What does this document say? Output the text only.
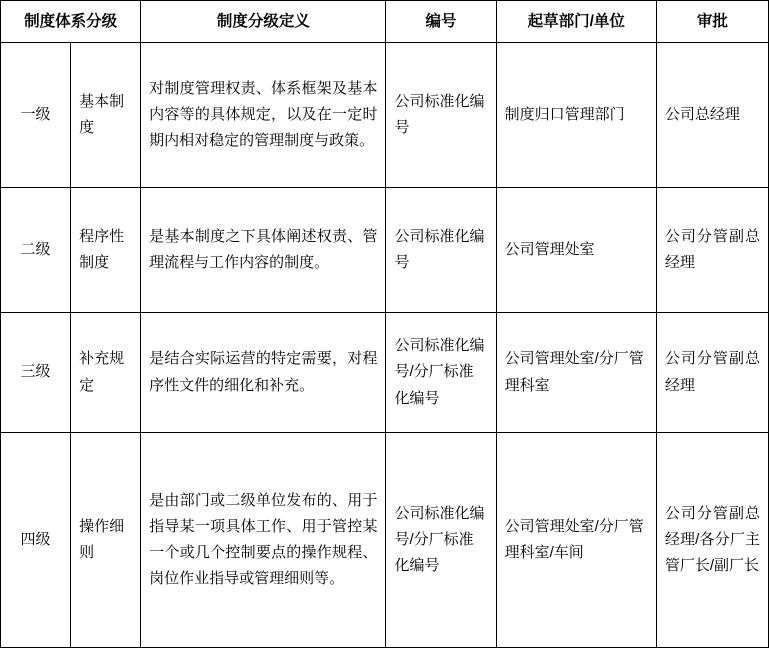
制度体系分级		制度分级定义	编号	起草部门/单位	审批
一级	基本制度	对制度管理权责、体系框架及基本内容等的具体规定，以及在一定时期内相对稳定的管理制度与政策。	公司标准化编号	制度归口管理部门	公司总经理
二级	程序性制度	是基本制度之下具体阐述权责、管理流程与工作内容的制度。	公司标准化编号	公司管理处室	公司分管副总经理
三级	补充规定	是结合实际运营的特定需要，对程序性文件的细化和补充。	公司标准化编号/分厂标准化编号	公司管理处室/分厂管理科室	公司分管副总经理
四级	操作细则	是由部门或二级单位发布的、用于指导某一项具体工作、用于管控某一个或几个控制要点的操作规程、岗位作业指导或管理细则等。	公司标准化编号/分厂标准化编号	公司管理处室/分厂管理科室/车间	公司分管副总经理/各分厂主管厂长/副厂长
